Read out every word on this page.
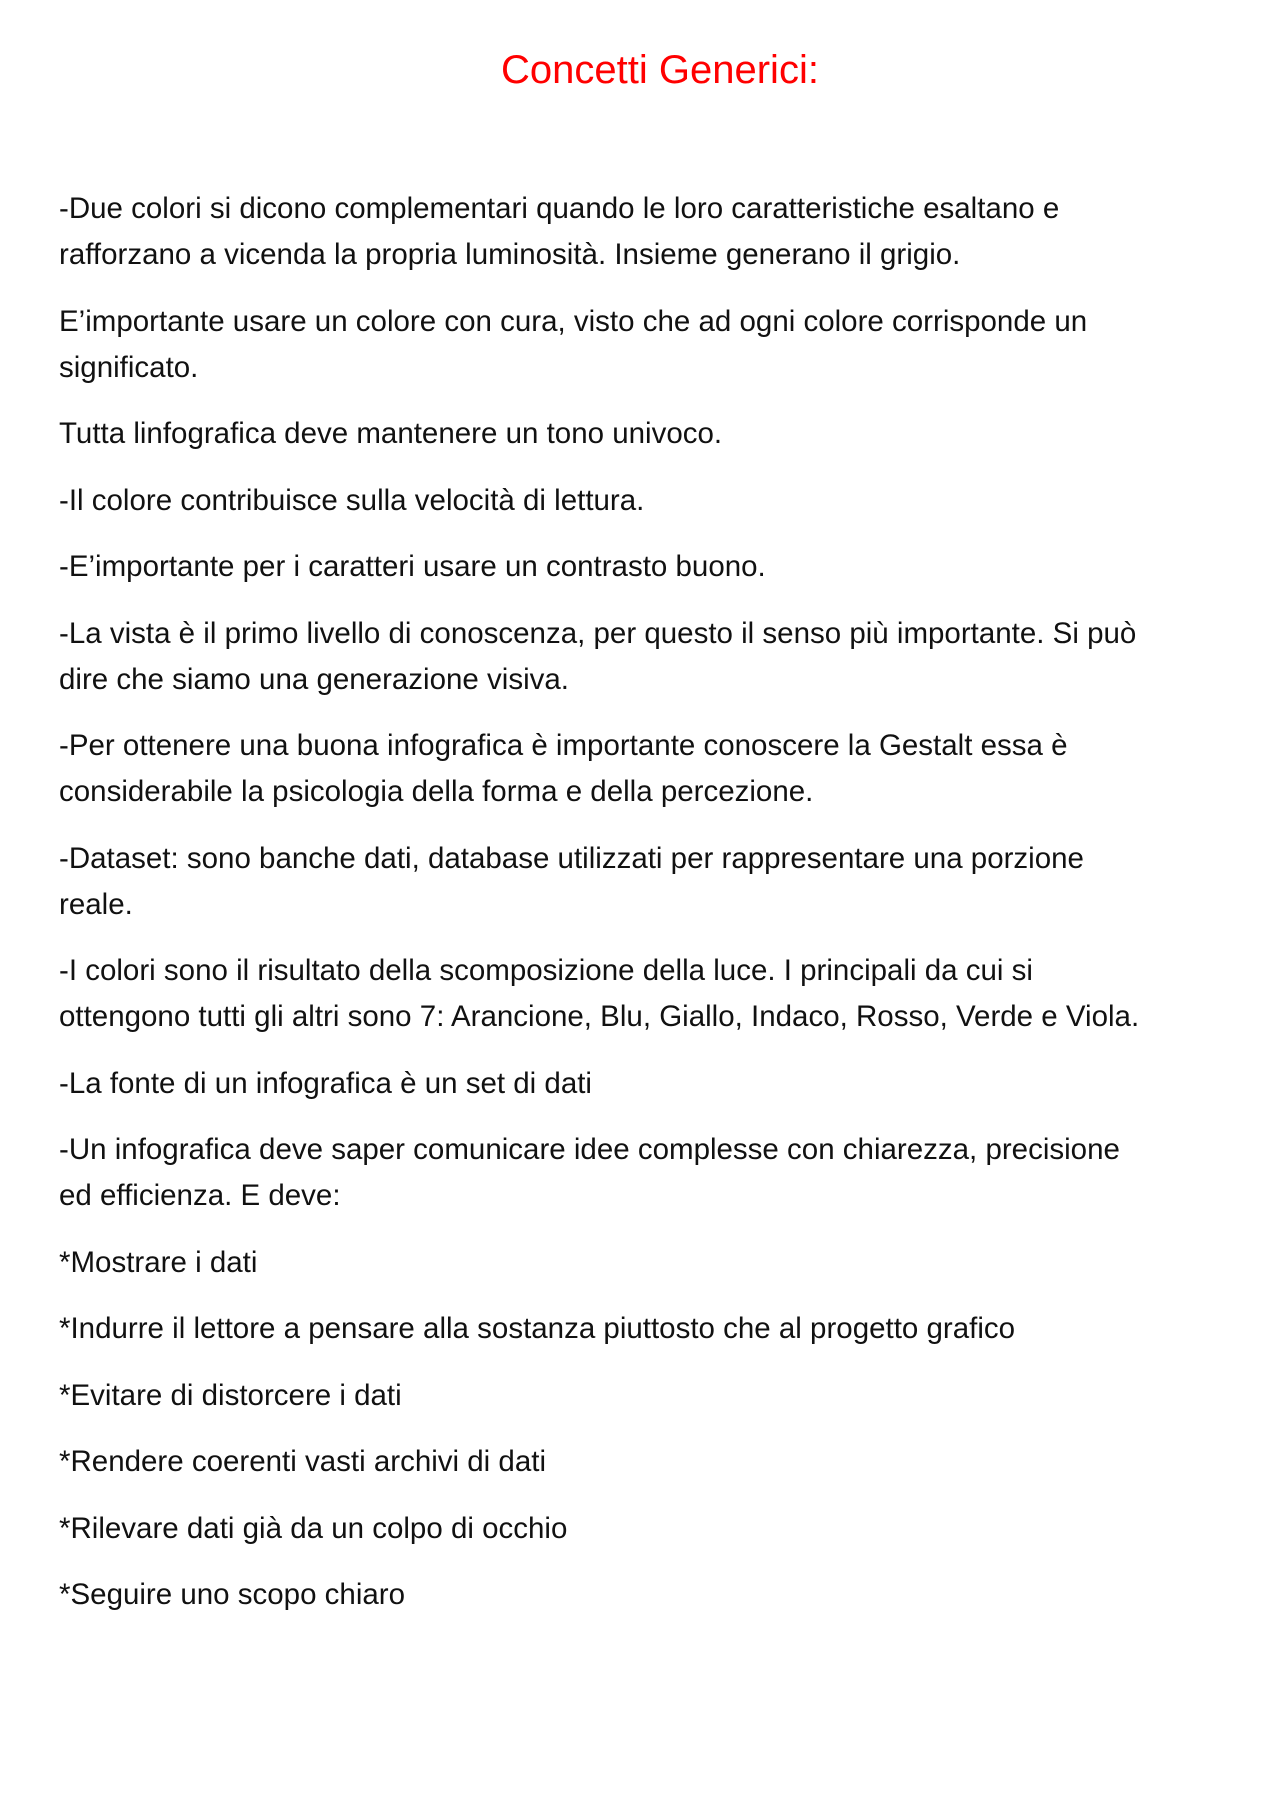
Concetti Generici:

-Due colori si dicono complementari quando le loro caratteristiche esaltano e
rafforzano a vicenda la propria luminosità. Insieme generano il grigio.

E’importante usare un colore con cura, visto che ad ogni colore corrisponde un
significato.

Tutta linfografica deve mantenere un tono univoco.

-Il colore contribuisce sulla velocità di lettura.

-E’importante per i caratteri usare un contrasto buono.

-La vista è il primo livello di conoscenza, per questo il senso più importante. Si può
dire che siamo una generazione visiva.

-Per ottenere una buona infografica è importante conoscere la Gestalt essa è
considerabile la psicologia della forma e della percezione.

-Dataset: sono banche dati, database utilizzati per rappresentare una porzione
reale.

-I colori sono il risultato della scomposizione della luce. I principali da cui si
ottengono tutti gli altri sono 7: Arancione, Blu, Giallo, Indaco, Rosso, Verde e Viola.

-La fonte di un infografica è un set di dati

-Un infografica deve saper comunicare idee complesse con chiarezza, precisione
ed efficienza. E deve:

*Mostrare i dati

*Indurre il lettore a pensare alla sostanza piuttosto che al progetto grafico

*Evitare di distorcere i dati

*Rendere coerenti vasti archivi di dati

*Rilevare dati già da un colpo di occhio

*Seguire uno scopo chiaro
